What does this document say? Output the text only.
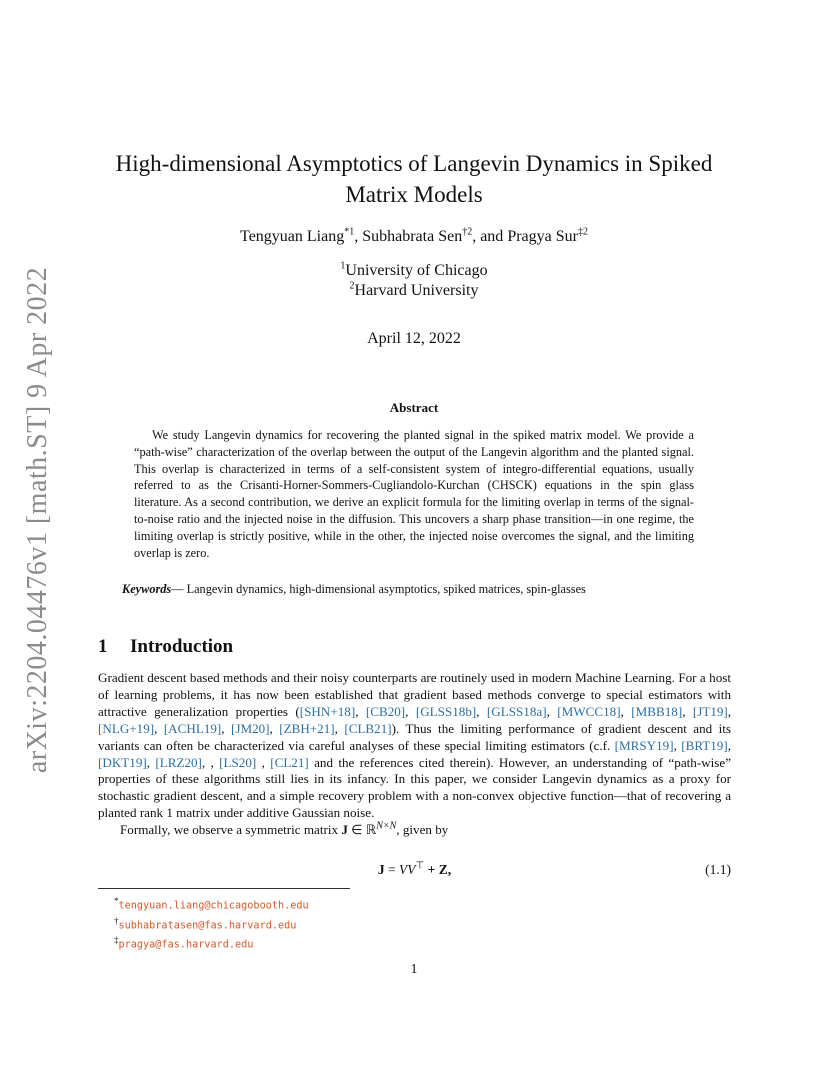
arXiv:2204.04476v1 [math.ST] 9 Apr 2022
High-dimensional Asymptotics of Langevin Dynamics in Spiked
Matrix Models
Tengyuan Liang$^{*1}$, Subhabrata Sen$^{\dagger 2}$, and Pragya Sur$^{\ddagger 2}$
$^1$University of Chicago
$^2$Harvard University
April 12, 2022
Abstract
We study Langevin dynamics for recovering the planted signal in the spiked matrix model. We provide a “path-wise” characterization of the overlap between the output of the Langevin algorithm and the planted signal. This overlap is characterized in terms of a self-consistent system of integro-differential equations, usually referred to as the Crisanti-Horner-Sommers-Cugliandolo-Kurchan (CHSCK) equations in the spin glass literature. As a second contribution, we derive an explicit formula for the limiting overlap in terms of the signal-to-noise ratio and the injected noise in the diffusion. This uncovers a sharp phase transition—in one regime, the limiting overlap is strictly positive, while in the other, the injected noise overcomes the signal, and the limiting overlap is zero.
Keywords— Langevin dynamics, high-dimensional asymptotics, spiked matrices, spin-glasses
1 Introduction

Gradient descent based methods and their noisy counterparts are routinely used in modern Machine Learning. For a host of learning problems, it has now been established that gradient based methods converge to special estimators with attractive generalization properties ([SHN+18], [CB20], [GLSS18b], [GLSS18a], [MWCC18], [MBB18], [JT19], [NLG+19], [ACHL19], [JM20], [ZBH+21], [CLB21]). Thus the limiting performance of gradient descent and its variants can often be characterized via careful analyses of these special limiting estimators (c.f. [MRSY19], [BRT19], [DKT19], [LRZ20], , [LS20] , [CL21] and the references cited therein). However, an understanding of “path-wise” properties of these algorithms still lies in its infancy. In this paper, we consider Langevin dynamics as a proxy for stochastic gradient descent, and a simple recovery problem with a non-convex objective function—that of recovering a planted rank 1 matrix under additive Gaussian noise.

Formally, we observe a symmetric matrix J ∈ ℝ$^{N\times N}$, given by

J = VV⊤ + Z,	(1.1)
*tengyuan.liang@chicagobooth.edu
†subhabratasen@fas.harvard.edu
‡pragya@fas.harvard.edu
1
